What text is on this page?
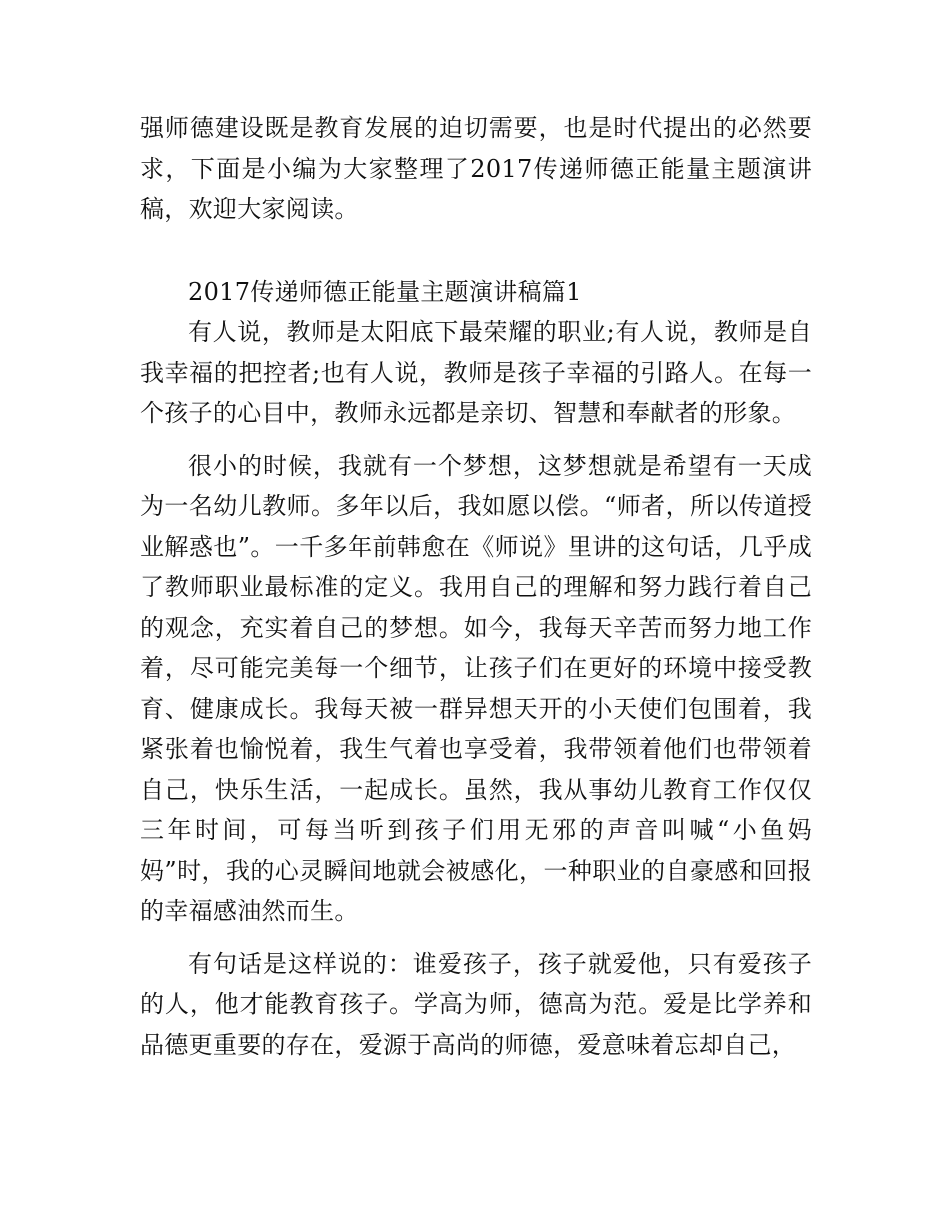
强师德建设既是教育发展的迫切需要，也是时代提出的必然要求，下面是小编为大家整理了2017传递师德正能量主题演讲稿，欢迎大家阅读。

2017传递师德正能量主题演讲稿篇1

有人说，教师是太阳底下最荣耀的职业;有人说，教师是自我幸福的把控者;也有人说，教师是孩子幸福的引路人。在每一个孩子的心目中，教师永远都是亲切、智慧和奉献者的形象。

很小的时候，我就有一个梦想，这梦想就是希望有一天成为一名幼儿教师。多年以后，我如愿以偿。“师者，所以传道授业解惑也”。一千多年前韩愈在《师说》里讲的这句话，几乎成了教师职业最标准的定义。我用自己的理解和努力践行着自己的观念，充实着自己的梦想。如今，我每天辛苦而努力地工作着，尽可能完美每一个细节，让孩子们在更好的环境中接受教育、健康成长。我每天被一群异想天开的小天使们包围着，我紧张着也愉悦着，我生气着也享受着，我带领着他们也带领着自己，快乐生活，一起成长。虽然，我从事幼儿教育工作仅仅三年时间，可每当听到孩子们用无邪的声音叫喊“小鱼妈妈”时，我的心灵瞬间地就会被感化，一种职业的自豪感和回报的幸福感油然而生。

有句话是这样说的：谁爱孩子，孩子就爱他，只有爱孩子的人，他才能教育孩子。学高为师，德高为范。爱是比学养和品德更重要的存在，爱源于高尚的师德，爱意味着忘却自己，
